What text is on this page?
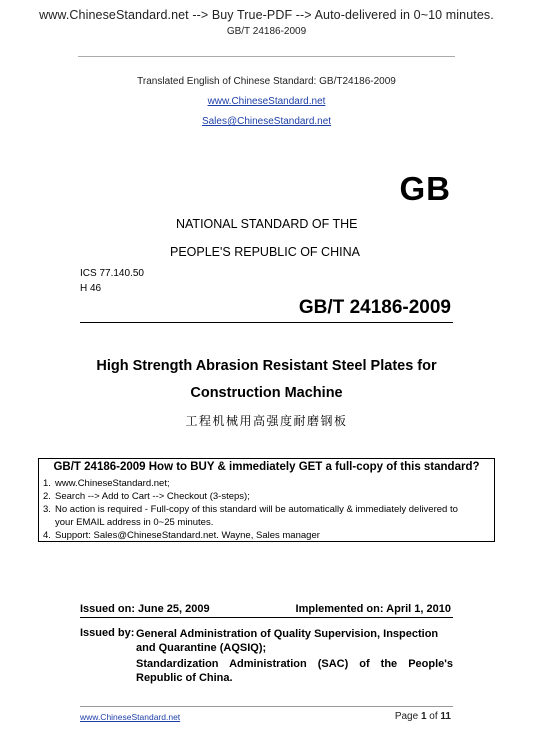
www.ChineseStandard.net --> Buy True-PDF --> Auto-delivered in 0~10 minutes.
GB/T 24186-2009
Translated English of Chinese Standard: GB/T24186-2009
www.ChineseStandard.net
Sales@ChineseStandard.net
GB
NATIONAL STANDARD OF THE
PEOPLE'S REPUBLIC OF CHINA
ICS 77.140.50
H 46
GB/T 24186-2009
High Strength Abrasion Resistant Steel Plates for
Construction Machine
工程机械用高强度耐磨钢板
GB/T 24186-2009 How to BUY & immediately GET a full-copy of this standard?
1. www.ChineseStandard.net;
2. Search --> Add to Cart --> Checkout (3-steps);
3. No action is required - Full-copy of this standard will be automatically & immediately delivered to
your EMAIL address in 0~25 minutes.
4. Support: Sales@ChineseStandard.net. Wayne, Sales manager
Issued on: June 25, 2009	Implemented on: April 1, 2010
Issued by: General Administration of Quality Supervision, Inspection and Quarantine (AQSIQ);
Standardization Administration (SAC) of the People's Republic of China.
www.ChineseStandard.net	Page 1 of 11
